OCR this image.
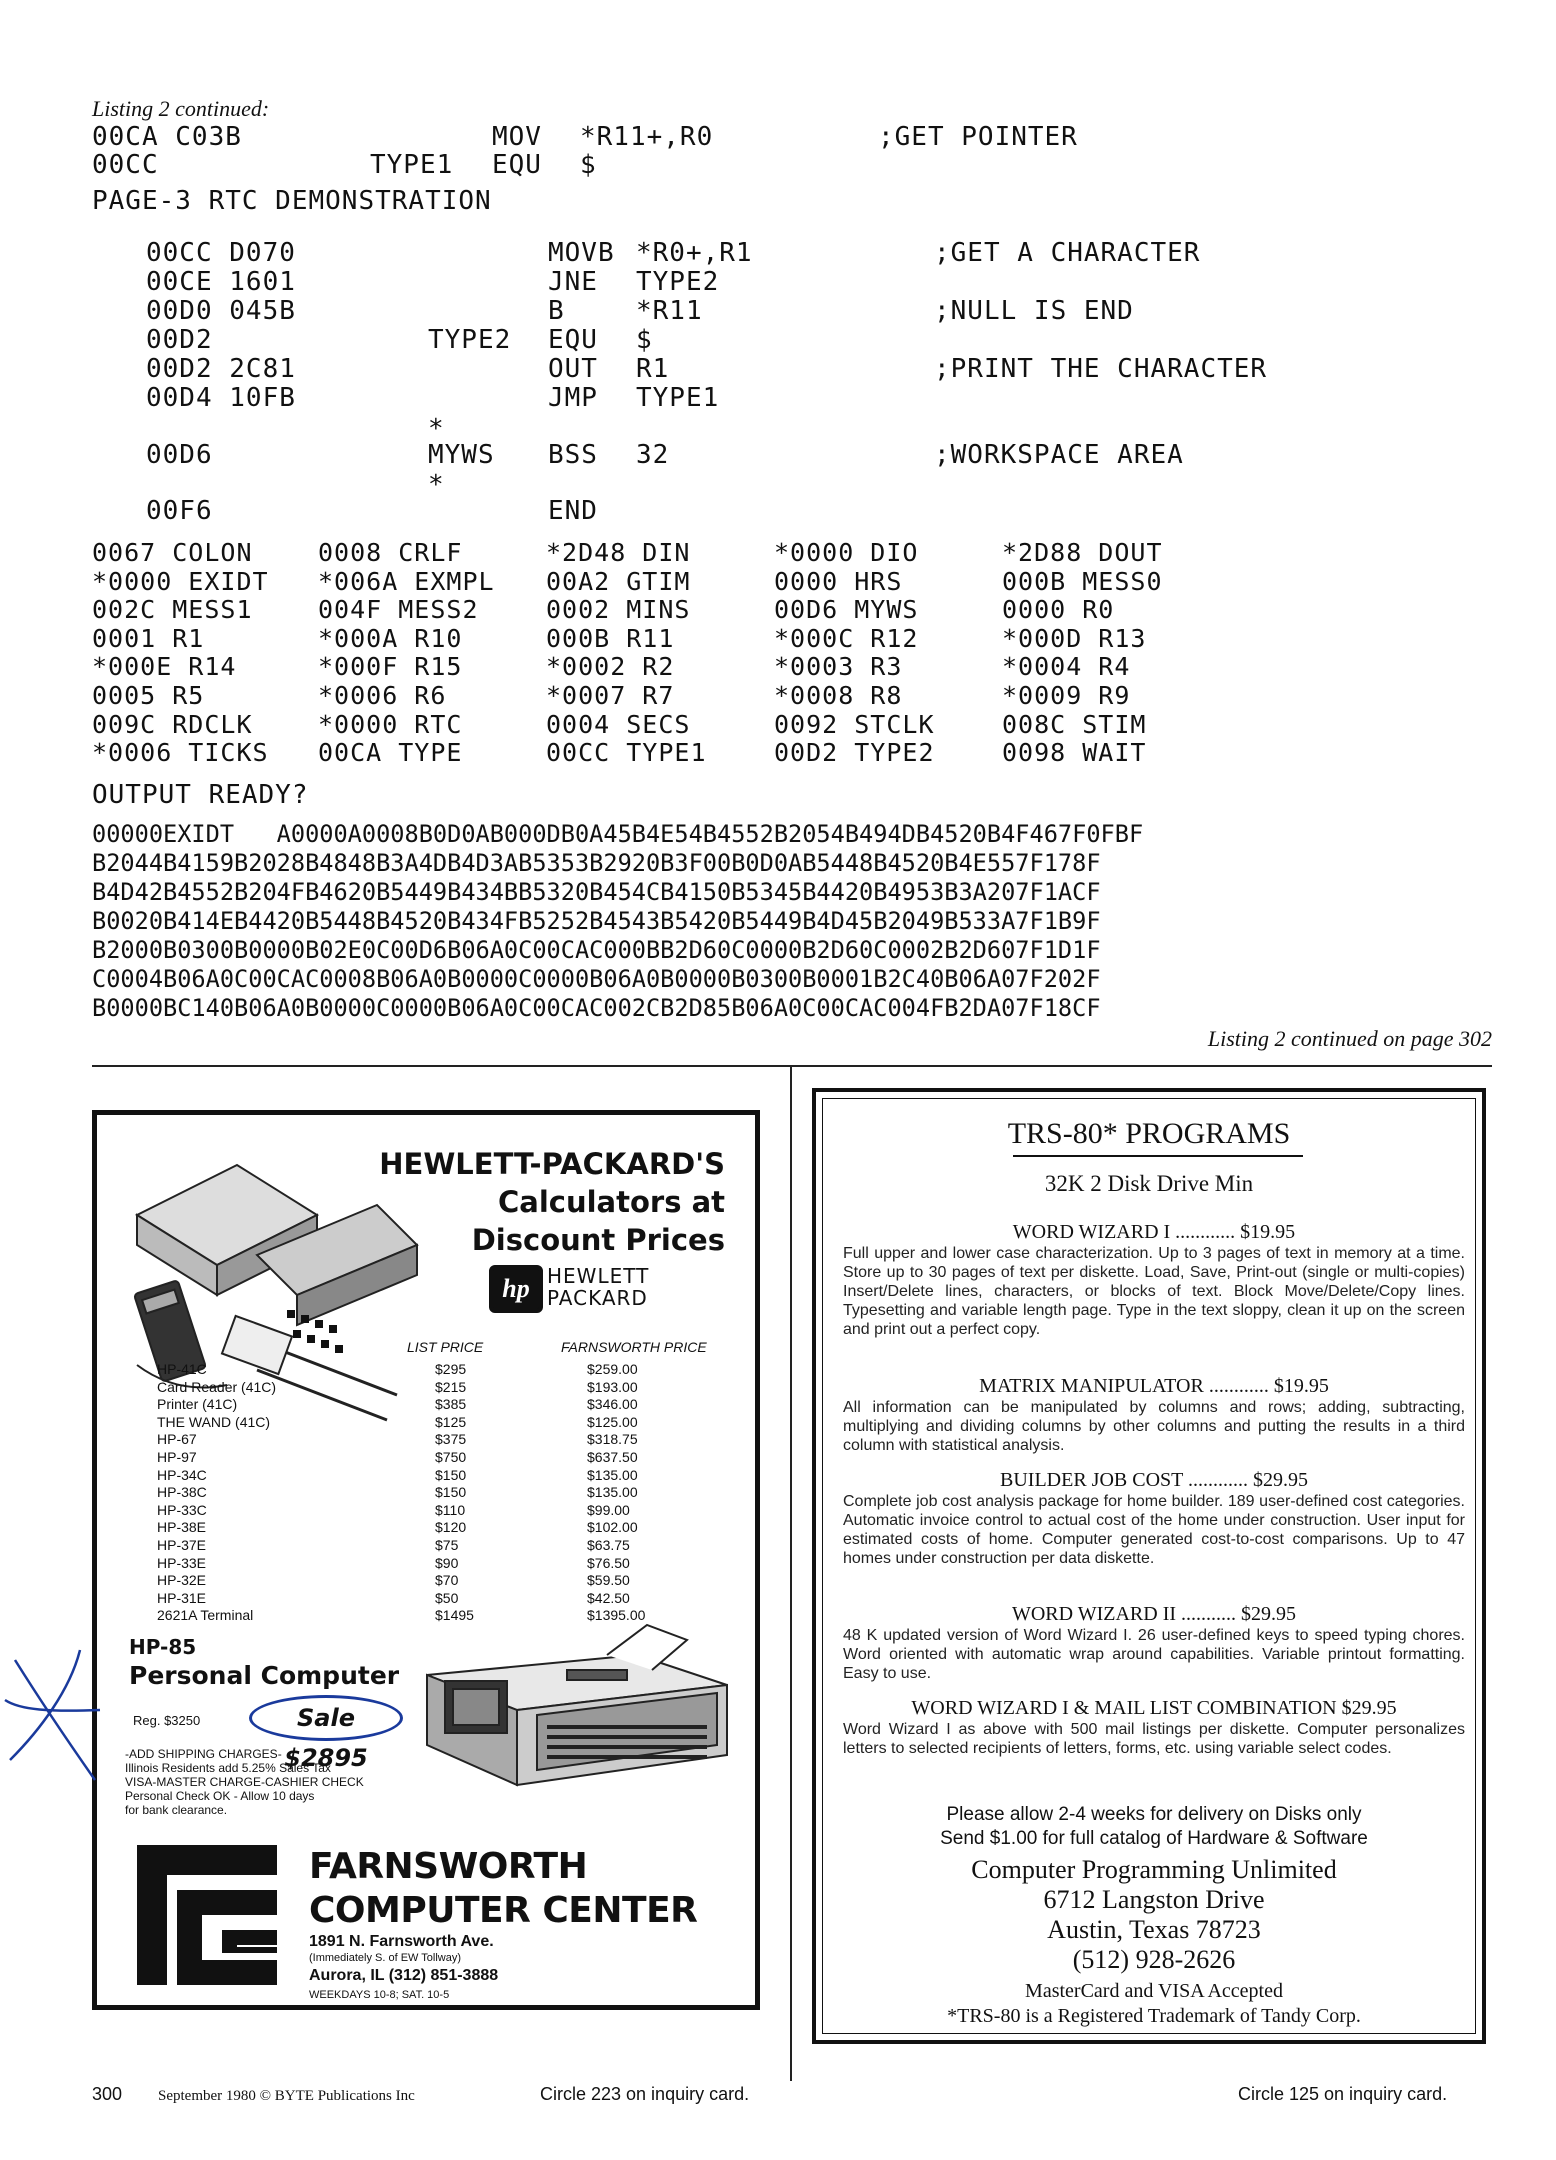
Listing 2 continued:
00CA C03B	MOV *R11+,R0	;GET POINTER
00CC	TYPE1 EQU $
PAGE-3 RTC DEMONSTRATION
00CC D070	MOVB *R0+,R1	;GET A CHARACTER
00CE 1601	JNE TYPE2
00D0 045B	B	*R11	;NULL IS END
00D2	TYPE2 EQU $
00D2 2C81	OUT R1	;PRINT THE CHARACTER
00D4 10FB	JMP TYPE1
*
00D6	MYWS BSS 32	;WORKSPACE AREA
*
00F6	END
0067 COLON	0008 CRLF	*2D48 DIN	*0000 DIO	*2D88 DOUT
*0000 EXIDT *006A EXMPL 00A2 GTIM	0000 HRS	000B MESS0
002C MESS1	004F MESS2	0002 MINS	00D6 MYWS	0000 R0
0001 R1	*000A R10	000B R11	*000C R12	*000D R13
*000E R14	*000F R15	*0002 R2	*0003 R3	*0004 R4
0005 R5	*0006 R6	*0007 R7	*0008 R8	*0009 R9
009C RDCLK	*0000 RTC	0004 SECS	0092 STCLK	008C STIM
*0006 TICKS 00CA TYPE	00CC TYPE1	00D2 TYPE2	0098 WAIT
OUTPUT READY?
00000EXIDT   A0000A0008B0D0AB000DB0A45B4E54B4552B2054B494DB4520B4F467F0FBF
B2044B4159B2028B4848B3A4DB4D3AB5353B2920B3F00B0D0AB5448B4520B4E557F178F
B4D42B4552B204FB4620B5449B434BB5320B454CB4150B5345B4420B4953B3A207F1ACF
B0020B414EB4420B5448B4520B434FB5252B4543B5420B5449B4D45B2049B533A7F1B9F
B2000B0300B0000B02E0C00D6B06A0C00CAC000BB2D60C0000B2D60C0002B2D607F1D1F
C0004B06A0C00CAC0008B06A0B0000C0000B06A0B0000B0300B0001B2C40B06A07F202F
B0000BC140B06A0B0000C0000B06A0C00CAC002CB2D85B06A0C00CAC004FB2DA07F18CF
Listing 2 continued on page 302
HEWLETT-PACKARD'S
Calculators at
Discount Prices
hp HEWLETT
PACKARD
LIST PRICE	FARNSWORTH PRICE
HP-41C	$295	$259.00
Card Reader (41C)	$215	$193.00
Printer (41C)	$385	$346.00
THE WAND (41C)	$125	$125.00
HP-67	$375	$318.75
HP-97	$750	$637.50
HP-34C	$150	$135.00
HP-38C	$150	$135.00
HP-33C	$110	$99.00
HP-38E	$120	$102.00
HP-37E	$75	$63.75
HP-33E	$90	$76.50
HP-32E	$70	$59.50
HP-31E	$50	$42.50
2621A Terminal	$1495	$1395.00
HP-85
Personal Computer
Reg. $3250	Sale $2895
-ADD SHIPPING CHARGES-
Illinois Residents add 5.25% Sales Tax
VISA-MASTER CHARGE-CASHIER CHECK
Personal Check OK - Allow 10 days
for bank clearance.
FARNSWORTH
COMPUTER CENTER
1891 N. Farnsworth Ave.
(Immediately S. of EW Tollway)
Aurora, IL (312) 851-3888
WEEKDAYS 10-8; SAT. 10-5
TRS-80* PROGRAMS
32K 2 Disk Drive Min
WORD WIZARD I ............ $19.95
Full upper and lower case characterization. Up to 3 pages of text in memory at a time. Store up to 30 pages of text per diskette. Load, Save, Print-out (single or multi-copies) Insert/Delete lines, characters, or blocks of text. Block Move/Delete/Copy lines. Typesetting and variable length page. Type in the text sloppy, clean it up on the screen and print out a perfect copy.
MATRIX MANIPULATOR ............ $19.95
All information can be manipulated by columns and rows; adding, subtracting, multiplying and dividing columns by other columns and putting the results in a third column with statistical analysis.
BUILDER JOB COST ............ $29.95
Complete job cost analysis package for home builder. 189 user-defined cost categories. Automatic invoice control to actual cost of the home under construction. User input for estimated costs of home. Computer generated cost-to-cost comparisons. Up to 47 homes under construction per data diskette.
WORD WIZARD II ........... $29.95
48 K updated version of Word Wizard I. 26 user-defined keys to speed typing chores. Word oriented with automatic wrap around capabilities. Variable printout formatting. Easy to use.
WORD WIZARD I & MAIL LIST COMBINATION $29.95
Word Wizard I as above with 500 mail listings per diskette. Computer personalizes letters to selected recipients of letters, forms, etc. using variable select codes.
Please allow 2-4 weeks for delivery on Disks only
Send $1.00 for full catalog of Hardware & Software
Computer Programming Unlimited
6712 Langston Drive
Austin, Texas 78723
(512) 928-2626
MasterCard and VISA Accepted
*TRS-80 is a Registered Trademark of Tandy Corp.
300 September 1980 © BYTE Publications Inc	Circle 223 on inquiry card.	Circle 125 on inquiry card.
